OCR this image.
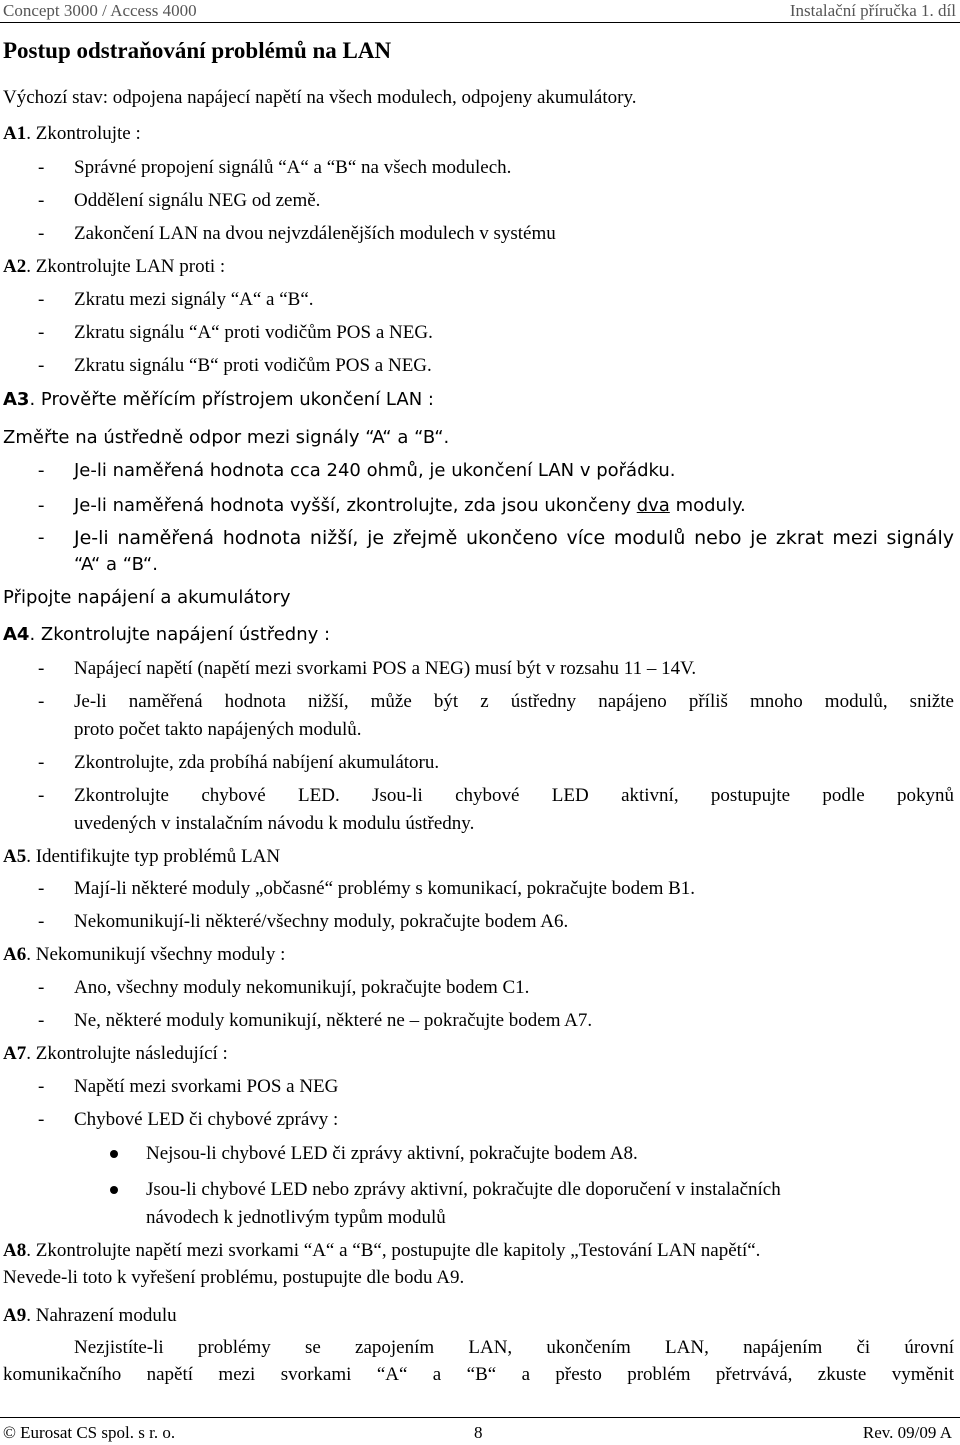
Concept 3000 / Access 4000	Instalační příručka 1. díl
Postup odstraňování problémů na LAN
Výchozí stav: odpojena napájecí napětí na všech modulech, odpojeny akumulátory.
A1. Zkontrolujte :
- Správné propojení signálů “A“ a “B“ na všech modulech.
- Oddělení signálu NEG od země.
- Zakončení LAN na dvou nejvzdálenějších modulech v systému
A2. Zkontrolujte LAN proti :
- Zkratu mezi signály “A“ a “B“.
- Zkratu signálu “A“ proti vodičům POS a NEG.
- Zkratu signálu “B“ proti vodičům POS a NEG.
A3. Prověřte měřícím přístrojem ukončení LAN :
Změřte na ústředně odpor mezi signály “A“ a “B“.
- Je-li naměřená hodnota cca 240 ohmů, je ukončení LAN v pořádku.
- Je-li naměřená hodnota vyšší, zkontrolujte, zda jsou ukončeny dva moduly.
- Je-li naměřená hodnota nižší, je zřejmě ukončeno více modulů nebo je zkrat mezi signály
“A“ a “B“.
Připojte napájení a akumulátory
A4. Zkontrolujte napájení ústředny :
- Napájecí napětí (napětí mezi svorkami POS a NEG) musí být v rozsahu 11 – 14V.
- Je-li naměřená hodnota nižší, může být z ústředny napájeno příliš mnoho modulů, snižte
proto počet takto napájených modulů.
- Zkontrolujte, zda probíhá nabíjení akumulátoru.
- Zkontrolujte chybové LED. Jsou-li chybové LED aktivní, postupujte podle pokynů
uvedených v instalačním návodu k modulu ústředny.
A5. Identifikujte typ problémů LAN
- Mají-li některé moduly „občasné“ problémy s komunikací, pokračujte bodem B1.
- Nekomunikují-li některé/všechny moduly, pokračujte bodem A6.
A6. Nekomunikují všechny moduly :
- Ano, všechny moduly nekomunikují, pokračujte bodem C1.
- Ne, některé moduly komunikují, některé ne – pokračujte bodem A7.
A7. Zkontrolujte následující :
- Napětí mezi svorkami POS a NEG
- Chybové LED či chybové zprávy :
Nejsou-li chybové LED či zprávy aktivní, pokračujte bodem A8.
Jsou-li chybové LED nebo zprávy aktivní, pokračujte dle doporučení v instalačních
návodech k jednotlivým typům modulů
A8. Zkontrolujte napětí mezi svorkami “A“ a “B“, postupujte dle kapitoly „Testování LAN napětí“.
Nevede-li toto k vyřešení problému, postupujte dle bodu A9.
A9. Nahrazení modulu
Nezjistíte-li problémy se zapojením LAN, ukončením LAN, napájením či úrovní
komunikačního napětí mezi svorkami “A“ a “B“ a přesto problém přetrvává, zkuste vyměnit
© Eurosat CS spol. s r. o.	8	Rev. 09/09 A
